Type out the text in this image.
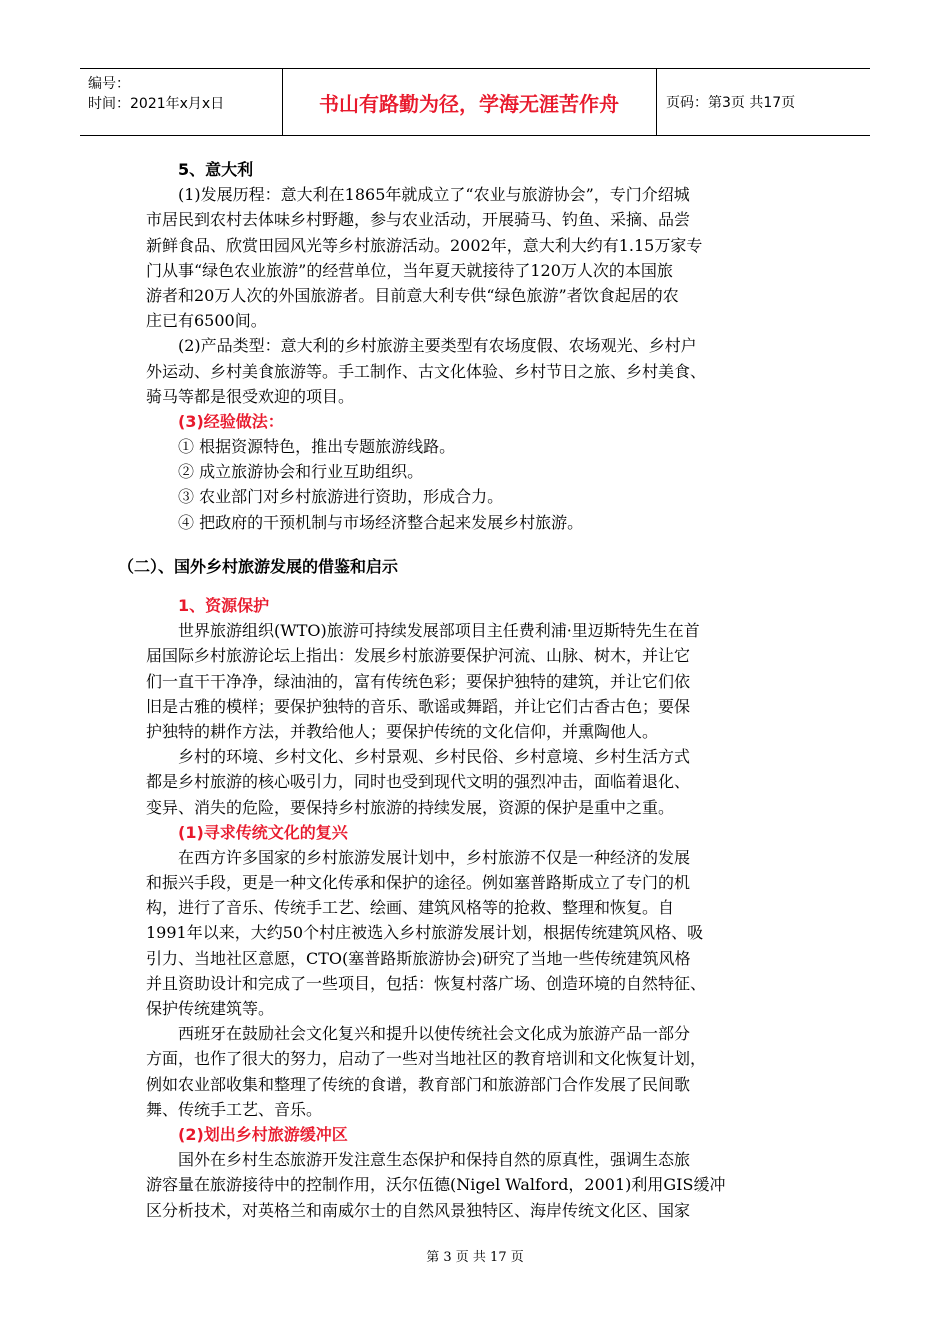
编号：
时间：2021年x月x日	书山有路勤为径，学海无涯苦作舟	页码：第3页 共17页
5、意大利
(1)发展历程：意大利在1865年就成立了“农业与旅游协会”，专门介绍城
市居民到农村去体味乡村野趣，参与农业活动，开展骑马、钓鱼、采摘、品尝
新鲜食品、欣赏田园风光等乡村旅游活动。2002年，意大利大约有1.15万家专
门从事“绿色农业旅游”的经营单位，当年夏天就接待了120万人次的本国旅
游者和20万人次的外国旅游者。目前意大利专供“绿色旅游”者饮食起居的农
庄已有6500间。
(2)产品类型：意大利的乡村旅游主要类型有农场度假、农场观光、乡村户
外运动、乡村美食旅游等。手工制作、古文化体验、乡村节日之旅、乡村美食、
骑马等都是很受欢迎的项目。
(3)经验做法：
① 根据资源特色，推出专题旅游线路。
② 成立旅游协会和行业互助组织。
③ 农业部门对乡村旅游进行资助，形成合力。
④ 把政府的干预机制与市场经济整合起来发展乡村旅游。
（二）、国外乡村旅游发展的借鉴和启示
1、资源保护
世界旅游组织(WTO)旅游可持续发展部项目主任费利浦·里迈斯特先生在首
届国际乡村旅游论坛上指出：发展乡村旅游要保护河流、山脉、树木，并让它
们一直干干净净，绿油油的，富有传统色彩；要保护独特的建筑，并让它们依
旧是古雅的模样；要保护独特的音乐、歌谣或舞蹈，并让它们古香古色；要保
护独特的耕作方法，并教给他人；要保护传统的文化信仰，并熏陶他人。
乡村的环境、乡村文化、乡村景观、乡村民俗、乡村意境、乡村生活方式
都是乡村旅游的核心吸引力，同时也受到现代文明的强烈冲击，面临着退化、
变异、消失的危险，要保持乡村旅游的持续发展，资源的保护是重中之重。
(1)寻求传统文化的复兴
在西方许多国家的乡村旅游发展计划中，乡村旅游不仅是一种经济的发展
和振兴手段，更是一种文化传承和保护的途径。例如塞普路斯成立了专门的机
构，进行了音乐、传统手工艺、绘画、建筑风格等的抢救、整理和恢复。自
1991年以来，大约50个村庄被选入乡村旅游发展计划，根据传统建筑风格、吸
引力、当地社区意愿，CTO(塞普路斯旅游协会)研究了当地一些传统建筑风格
并且资助设计和完成了一些项目，包括：恢复村落广场、创造环境的自然特征、
保护传统建筑等。
西班牙在鼓励社会文化复兴和提升以使传统社会文化成为旅游产品一部分
方面，也作了很大的努力，启动了一些对当地社区的教育培训和文化恢复计划，
例如农业部收集和整理了传统的食谱，教育部门和旅游部门合作发展了民间歌
舞、传统手工艺、音乐。
(2)划出乡村旅游缓冲区
国外在乡村生态旅游开发注意生态保护和保持自然的原真性，强调生态旅
游容量在旅游接待中的控制作用，沃尔伍德(Nigel Walford，2001)利用GIS缓冲
区分析技术，对英格兰和南威尔士的自然风景独特区、海岸传统文化区、国家
第 3 页 共 17 页
